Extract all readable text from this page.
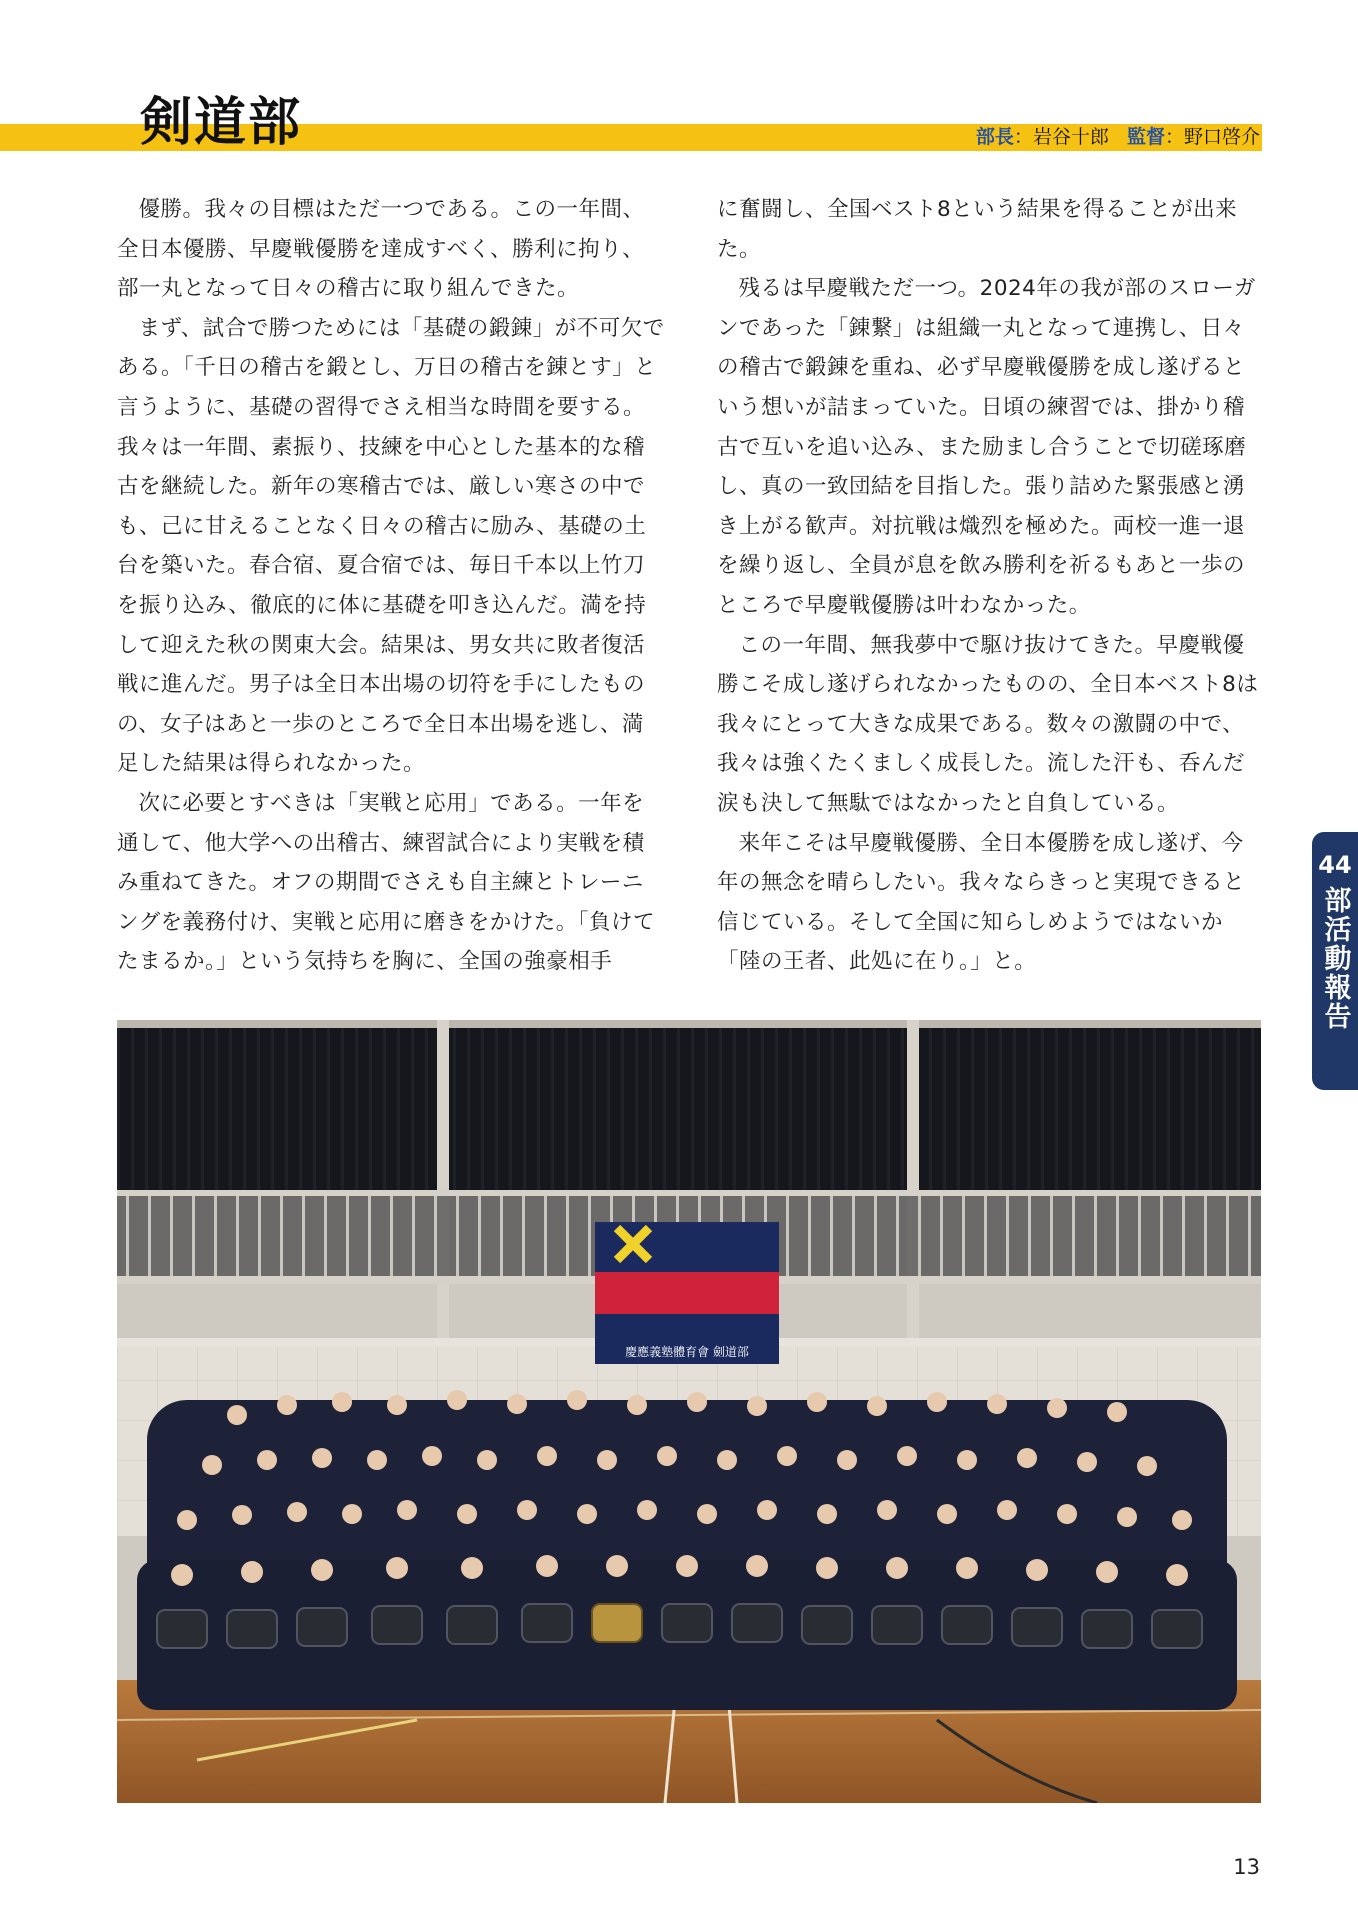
剣道部	部長：岩谷十郎 監督：野口啓介

優勝。我々の目標はただ一つである。この一年間、全日本優勝、早慶戦優勝を達成すべく、勝利に拘り、部一丸となって日々の稽古に取り組んできた。

まず、試合で勝つためには「基礎の鍛錬」が不可欠である。「千日の稽古を鍛とし、万日の稽古を錬とす」と言うように、基礎の習得でさえ相当な時間を要する。我々は一年間、素振り、技練を中心とした基本的な稽古を継続した。新年の寒稽古では、厳しい寒さの中でも、己に甘えることなく日々の稽古に励み、基礎の土台を築いた。春合宿、夏合宿では、毎日千本以上竹刀を振り込み、徹底的に体に基礎を叩き込んだ。満を持して迎えた秋の関東大会。結果は、男女共に敗者復活戦に進んだ。男子は全日本出場の切符を手にしたものの、女子はあと一歩のところで全日本出場を逃し、満足した結果は得られなかった。

次に必要とすべきは「実戦と応用」である。一年を通して、他大学への出稽古、練習試合により実戦を積み重ねてきた。オフの期間でさえも自主練とトレーニングを義務付け、実戦と応用に磨きをかけた。「負けてたまるか。」という気持ちを胸に、全国の強豪相手

に奮闘し、全国ベスト8という結果を得ることが出来た。

残るは早慶戦ただ一つ。2024年の我が部のスローガンであった「錬繋」は組織一丸となって連携し、日々の稽古で鍛錬を重ね、必ず早慶戦優勝を成し遂げるという想いが詰まっていた。日頃の練習では、掛かり稽古で互いを追い込み、また励まし合うことで切磋琢磨し、真の一致団結を目指した。張り詰めた緊張感と湧き上がる歓声。対抗戦は熾烈を極めた。両校一進一退を繰り返し、全員が息を飲み勝利を祈るもあと一歩のところで早慶戦優勝は叶わなかった。

この一年間、無我夢中で駆け抜けてきた。早慶戦優勝こそ成し遂げられなかったものの、全日本ベスト8は我々にとって大きな成果である。数々の激闘の中で、我々は強くたくましく成長した。流した汗も、呑んだ涙も決して無駄ではなかったと自負している。

来年こそは早慶戦優勝、全日本優勝を成し遂げ、今年の無念を晴らしたい。我々ならきっと実現できると信じている。そして全国に知らしめようではないか「陸の王者、此処に在り。」と。

44
部活動報告
慶應義塾體育會 劍道部
13
